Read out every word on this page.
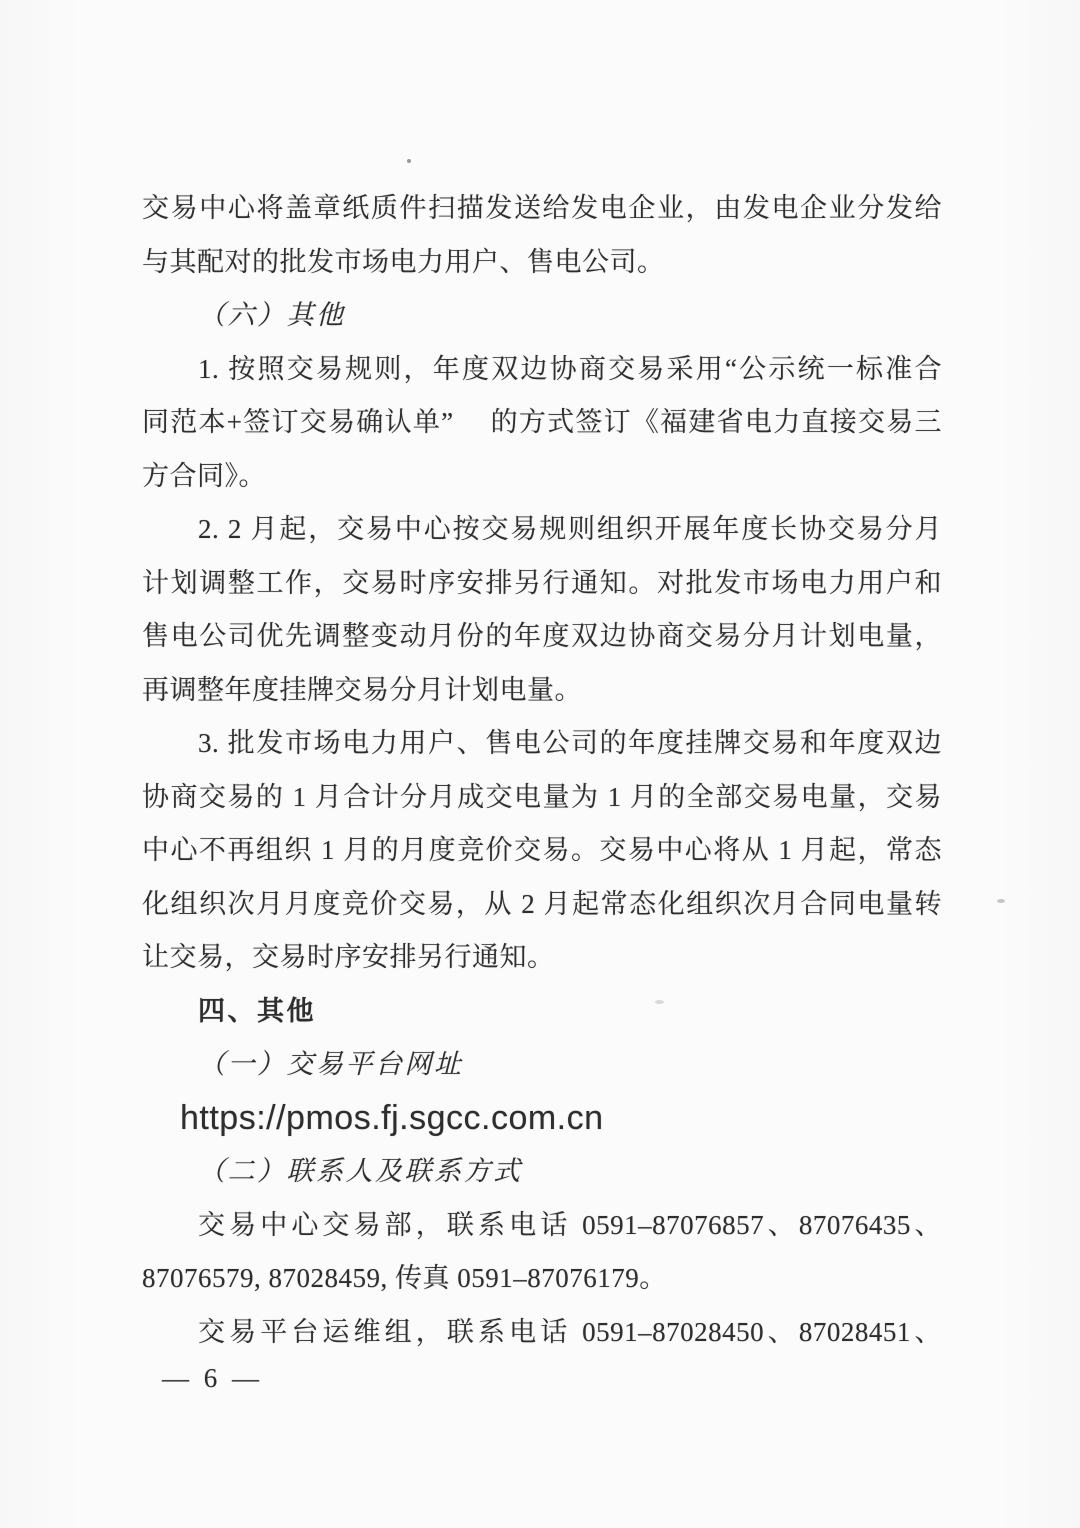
交易中心将盖章纸质件扫描发送给发电企业，由发电企业分发给
与其配对的批发市场电力用户、售电公司。
（六）其他
1. 按照交易规则，年度双边协商交易采用“公示统一标准合
同范本+签订交易确认单”　 的方式签订《福建省电力直接交易三
方合同》。
2. 2 月起，交易中心按交易规则组织开展年度长协交易分月
计划调整工作，交易时序安排另行通知。对批发市场电力用户和
售电公司优先调整变动月份的年度双边协商交易分月计划电量，
再调整年度挂牌交易分月计划电量。
3. 批发市场电力用户、售电公司的年度挂牌交易和年度双边
协商交易的 1 月合计分月成交电量为 1 月的全部交易电量，交易
中心不再组织 1 月的月度竞价交易。交易中心将从 1 月起，常态
化组织次月月度竞价交易，从 2 月起常态化组织次月合同电量转
让交易，交易时序安排另行通知。
四、其他
（一）交易平台网址
https://pmos.fj.sgcc.com.cn
（二）联系人及联系方式
交易中心交易部，联系电话 0591–87076857、87076435、
87076579, 87028459, 传真 0591–87076179。
交易平台运维组，联系电话 0591–87028450、87028451、
— 6 —
